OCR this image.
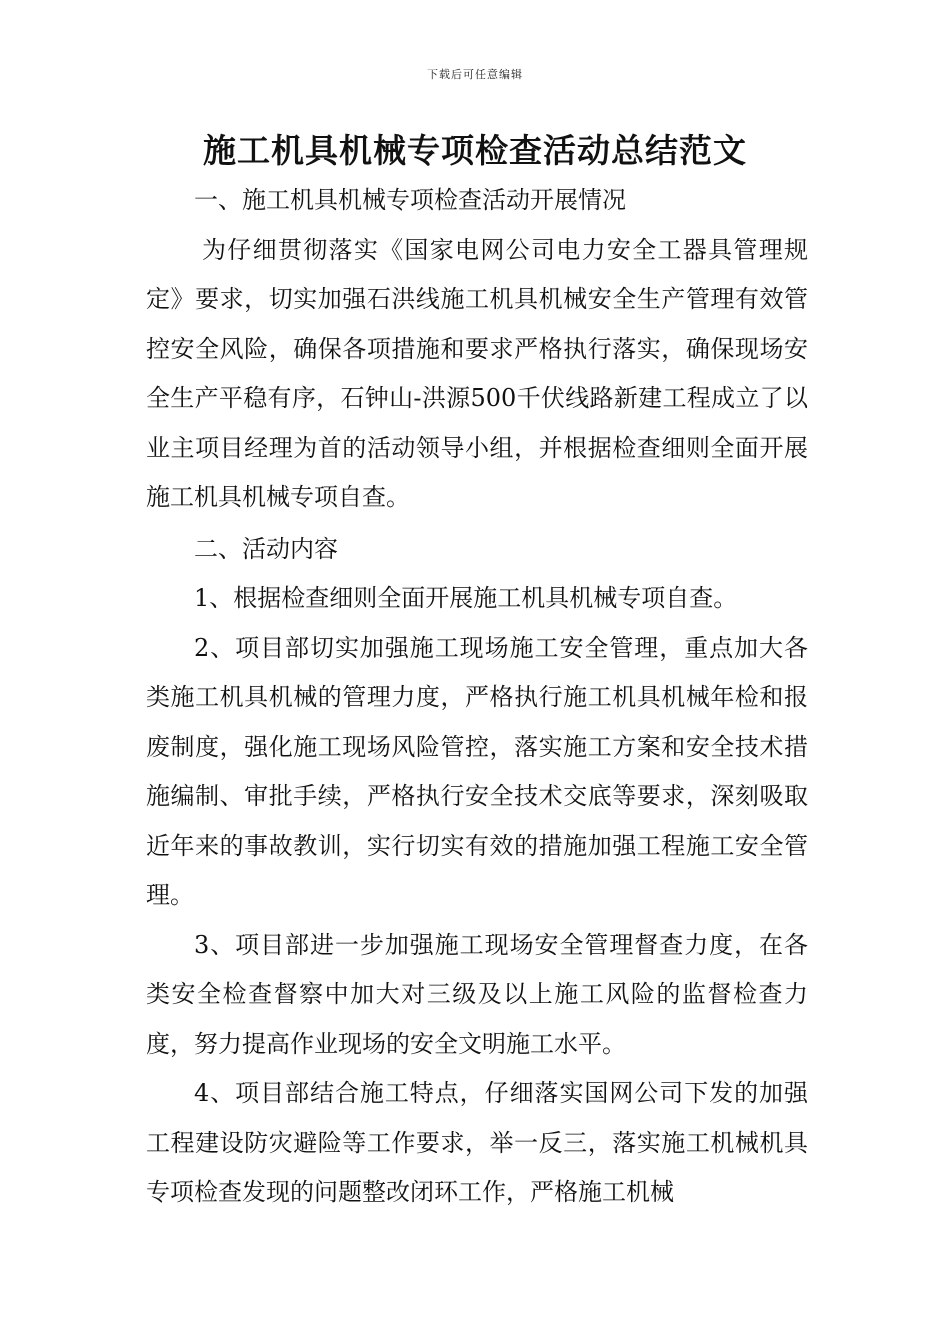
下载后可任意编辑
施工机具机械专项检查活动总结范文

一、施工机具机械专项检查活动开展情况

为仔细贯彻落实《国家电网公司电力安全工器具管理规定》要求，切实加强石洪线施工机具机械安全生产管理有效管控安全风险，确保各项措施和要求严格执行落实，确保现场安全生产平稳有序，石钟山-洪源500千伏线路新建工程成立了以业主项目经理为首的活动领导小组，并根据检查细则全面开展施工机具机械专项自查。

二、活动内容

1、根据检查细则全面开展施工机具机械专项自查。

2、项目部切实加强施工现场施工安全管理，重点加大各类施工机具机械的管理力度，严格执行施工机具机械年检和报废制度，强化施工现场风险管控，落实施工方案和安全技术措施编制、审批手续，严格执行安全技术交底等要求，深刻吸取近年来的事故教训，实行切实有效的措施加强工程施工安全管理。

3、项目部进一步加强施工现场安全管理督查力度，在各类安全检查督察中加大对三级及以上施工风险的监督检查力度，努力提高作业现场的安全文明施工水平。

4、项目部结合施工特点，仔细落实国网公司下发的加强工程建设防灾避险等工作要求，举一反三，落实施工机械机具专项检查发现的问题整改闭环工作，严格施工机械
